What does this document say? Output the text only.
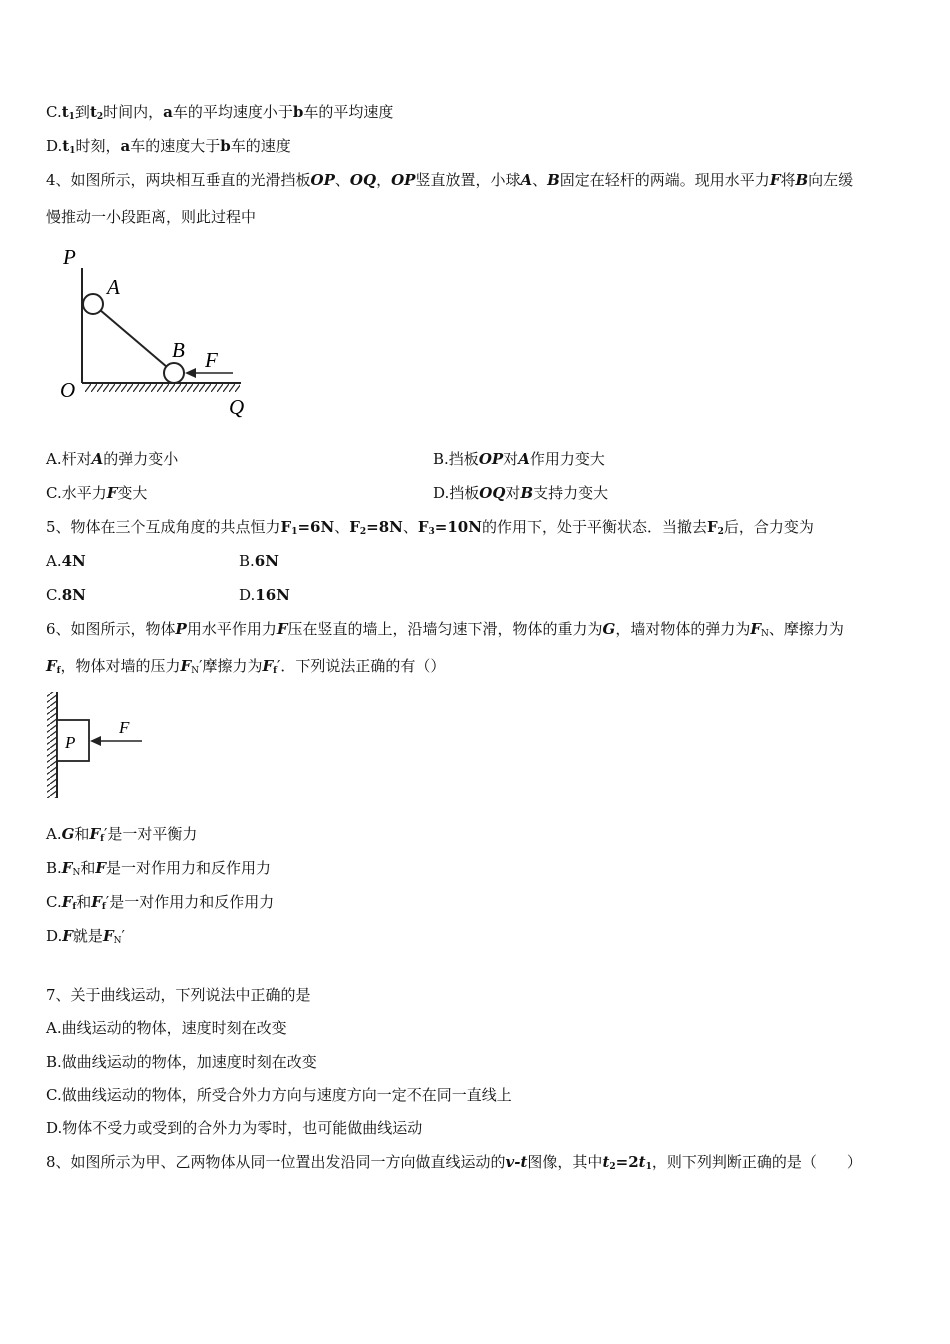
$C.t_1$到$t_2$时间内，a车的平均速度小于b车的平均速度
$D.t_1$时刻，a车的速度大于b车的速度
4、如图所示，两块相互垂直的光滑挡板OP、OQ，OP竖直放置，小球A、B固定在轻杆的两端。现用水平力F将B向左缓
慢推动一小段距离，则此过程中
P
A
B F
O
Q
A.杆对A的弹力变小	B.挡板OP对A作用力变大
C.水平力F变大	D.挡板OQ对B支持力变大
5、物体在三个互成角度的共点恒力$F_1=6N$、$F_2=8N$、$F_3=10N$的作用下，处于平衡状态．当撤去$F_2$后，合力变为
A.4N	B.6N
C.8N	D.16N
6、如图所示，物体P用水平作用力F压在竖直的墙上，沿墙匀速下滑，物体的重力为G，墙对物体的弹力为$F_N$、摩擦力为
$F_f$，物体对墙的压力$F_N'$摩擦力为$F_f'$．下列说法正确的有（）
P
F
A.G和$F_f'$是一对平衡力
$B.F_N$和F是一对作用力和反作用力
$C.F_f$和$F_f'$是一对作用力和反作用力
D.F就是$F_N'$
7、关于曲线运动，下列说法中正确的是
A.曲线运动的物体，速度时刻在改变
B.做曲线运动的物体，加速度时刻在改变
C.做曲线运动的物体，所受合外力方向与速度方向一定不在同一直线上
D.物体不受力或受到的合外力为零时，也可能做曲线运动
8、如图所示为甲、乙两物体从同一位置出发沿同一方向做直线运动的v-t图像，其中$t_2=2t_1$，则下列判断正确的是（　　）
